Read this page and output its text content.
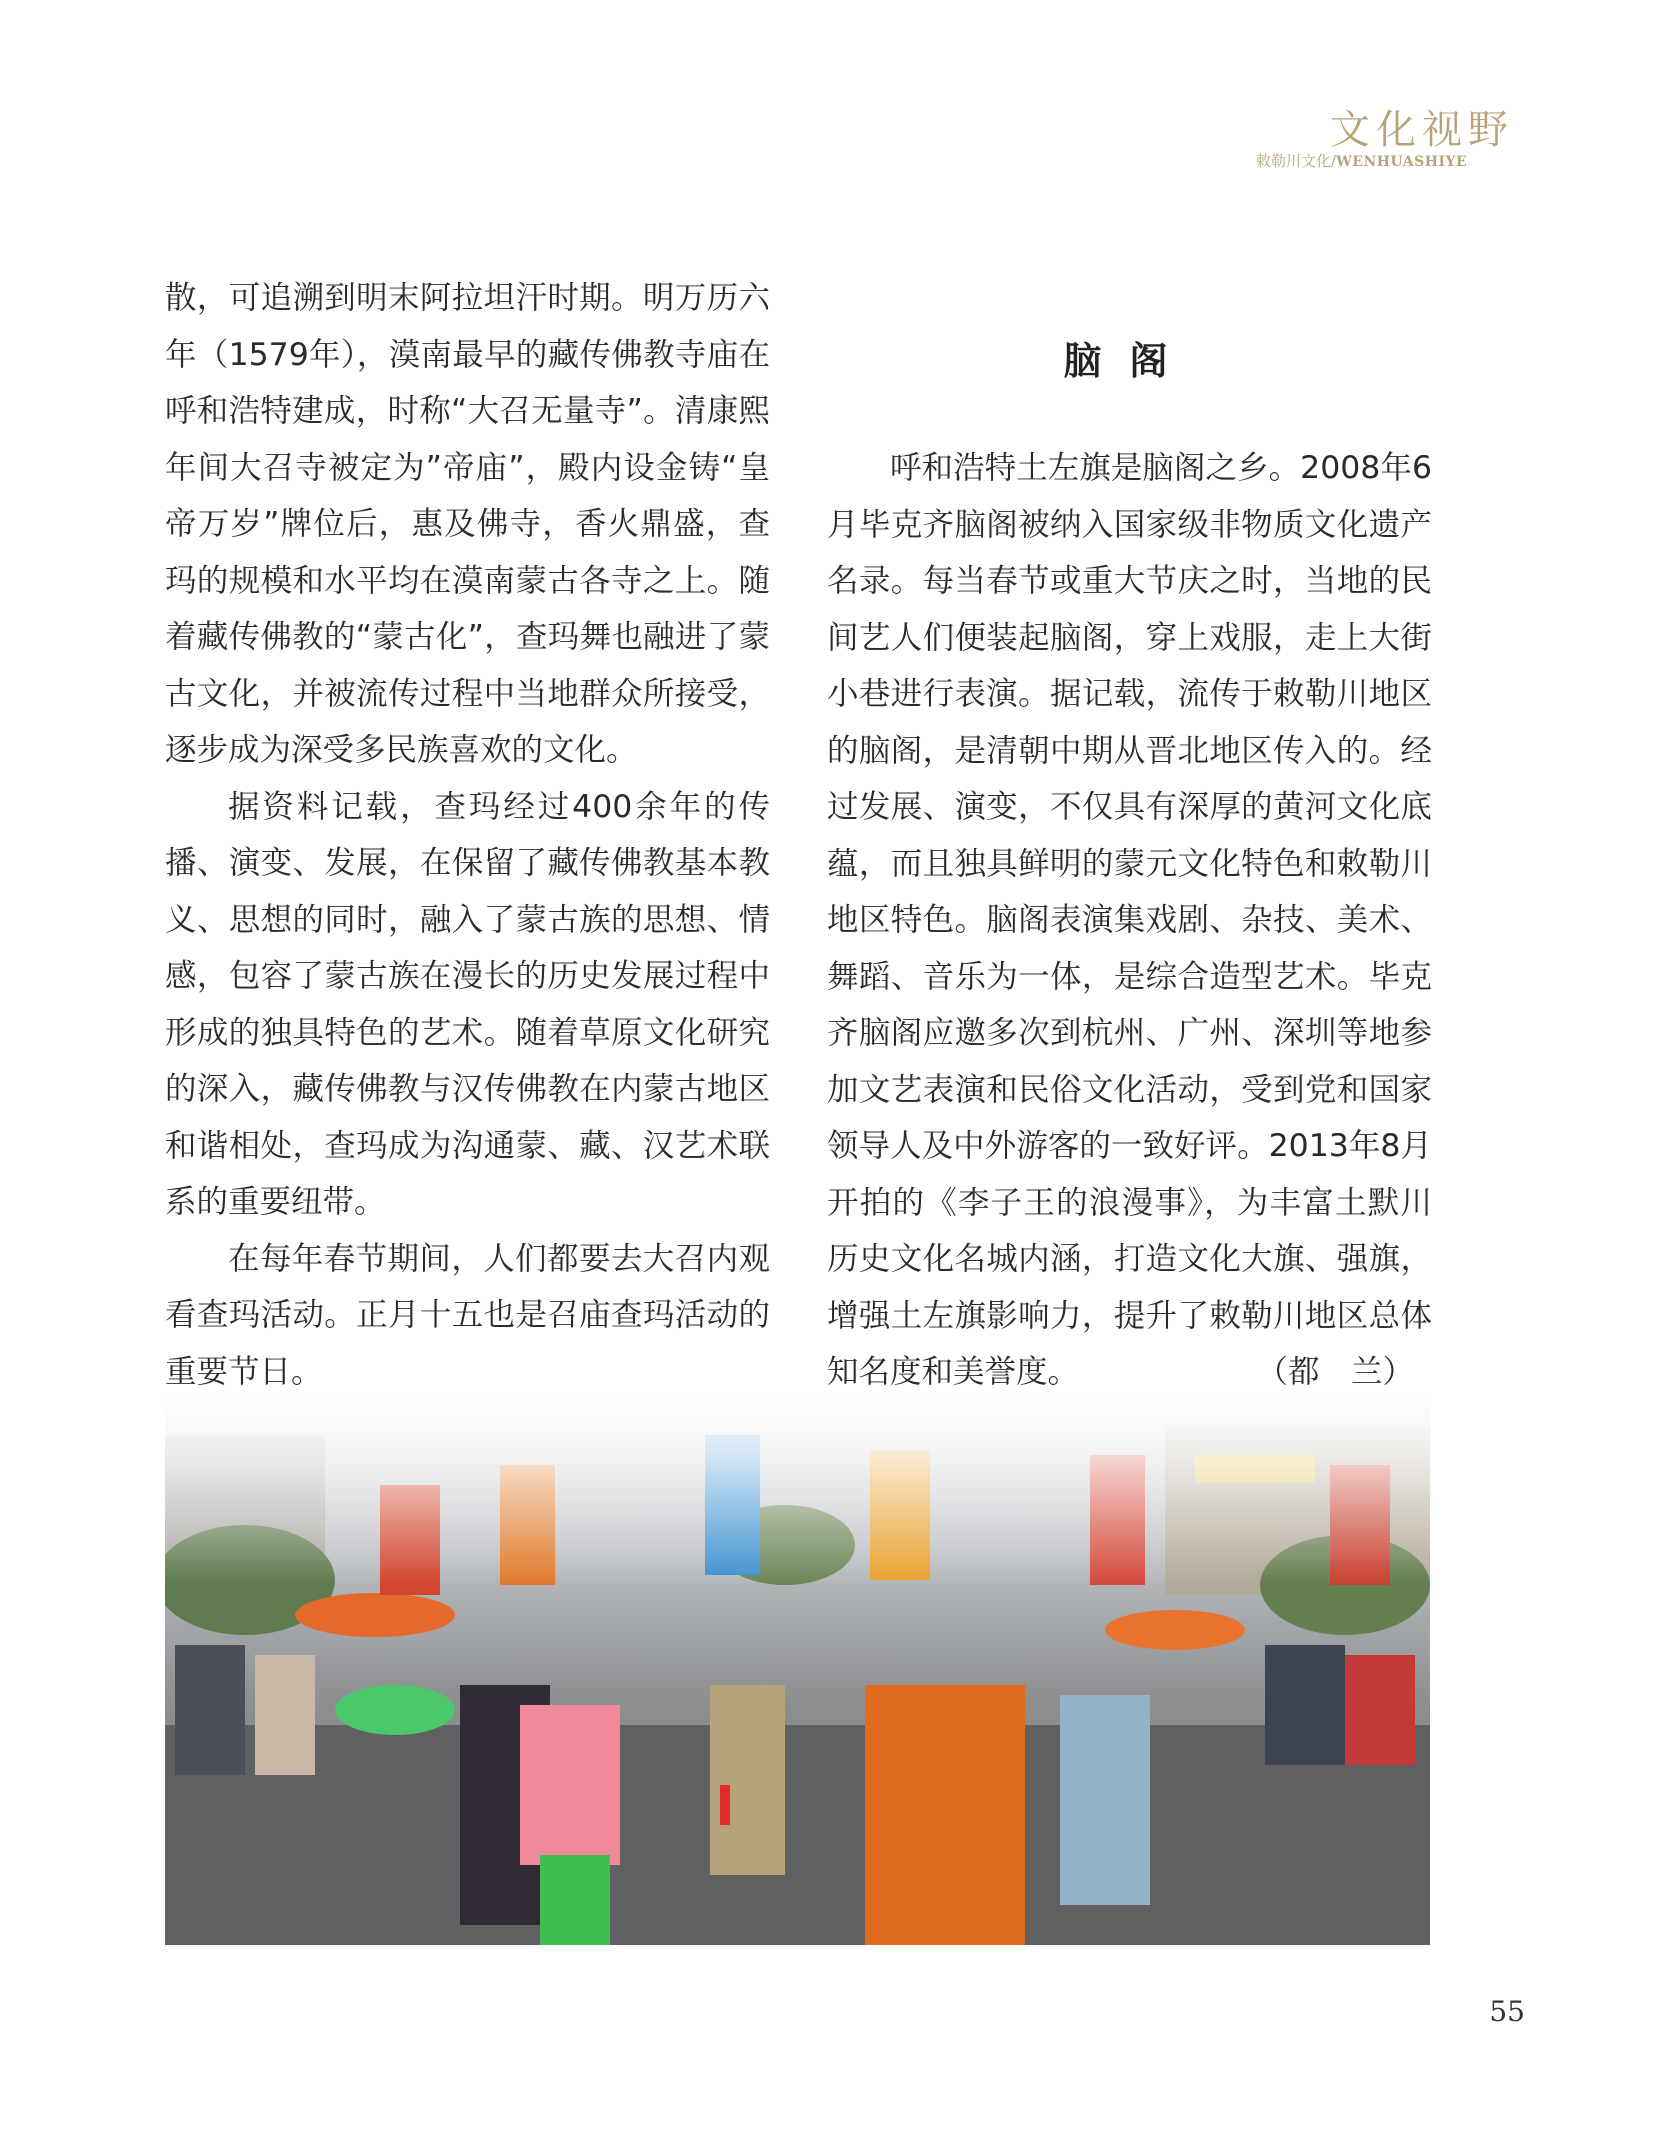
文化视野
敕勒川文化/WENHUASHIYE

散，可追溯到明末阿拉坦汗时期。明万历六年（1579年），漠南最早的藏传佛教寺庙在呼和浩特建成，时称“大召无量寺”。清康熙年间大召寺被定为”帝庙”，殿内设金铸“皇帝万岁”牌位后，惠及佛寺，香火鼎盛，查玛的规模和水平均在漠南蒙古各寺之上。随着藏传佛教的“蒙古化”，查玛舞也融进了蒙古文化，并被流传过程中当地群众所接受，逐步成为深受多民族喜欢的文化。

据资料记载，查玛经过400余年的传播、演变、发展，在保留了藏传佛教基本教义、思想的同时，融入了蒙古族的思想、情感，包容了蒙古族在漫长的历史发展过程中形成的独具特色的艺术。随着草原文化研究的深入，藏传佛教与汉传佛教在内蒙古地区和谐相处，查玛成为沟通蒙、藏、汉艺术联系的重要纽带。

在每年春节期间，人们都要去大召内观看查玛活动。正月十五也是召庙查玛活动的重要节日。

脑阁

呼和浩特土左旗是脑阁之乡。2008年6月毕克齐脑阁被纳入国家级非物质文化遗产名录。每当春节或重大节庆之时，当地的民间艺人们便装起脑阁，穿上戏服，走上大街小巷进行表演。据记载，流传于敕勒川地区的脑阁，是清朝中期从晋北地区传入的。经过发展、演变，不仅具有深厚的黄河文化底蕴，而且独具鲜明的蒙元文化特色和敕勒川地区特色。脑阁表演集戏剧、杂技、美术、舞蹈、音乐为一体，是综合造型艺术。毕克齐脑阁应邀多次到杭州、广州、深圳等地参加文艺表演和民俗文化活动，受到党和国家领导人及中外游客的一致好评。2013年8月开拍的《李子王的浪漫事》，为丰富土默川历史文化名城内涵，打造文化大旗、强旗，增强土左旗影响力，提升了敕勒川地区总体知名度和美誉度。	（都　兰）

55
